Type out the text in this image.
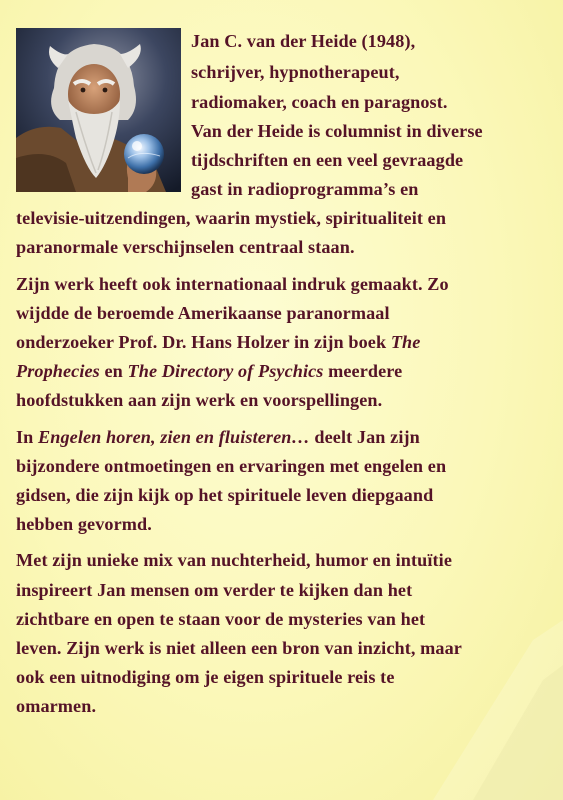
Jan C. van der Heide (1948),
schrijver, hypnotherapeut,
radiomaker, coach en paragnost.
Van der Heide is columnist in diverse
tijdschriften en een veel gevraagde
gast in radioprogramma’s en
televisie-uitzendingen, waarin mystiek, spiritualiteit en
paranormale verschijnselen centraal staan.
Zijn werk heeft ook internationaal indruk gemaakt. Zo
wijdde de beroemde Amerikaanse paranormaal
onderzoeker Prof. Dr. Hans Holzer in zijn boek The
Prophecies en The Directory of Psychics meerdere
hoofdstukken aan zijn werk en voorspellingen.
In Engelen horen, zien en fluisteren… deelt Jan zijn
bijzondere ontmoetingen en ervaringen met engelen en
gidsen, die zijn kijk op het spirituele leven diepgaand
hebben gevormd.
Met zijn unieke mix van nuchterheid, humor en intuïtie
inspireert Jan mensen om verder te kijken dan het
zichtbare en open te staan voor de mysteries van het
leven. Zijn werk is niet alleen een bron van inzicht, maar
ook een uitnodiging om je eigen spirituele reis te
omarmen.
